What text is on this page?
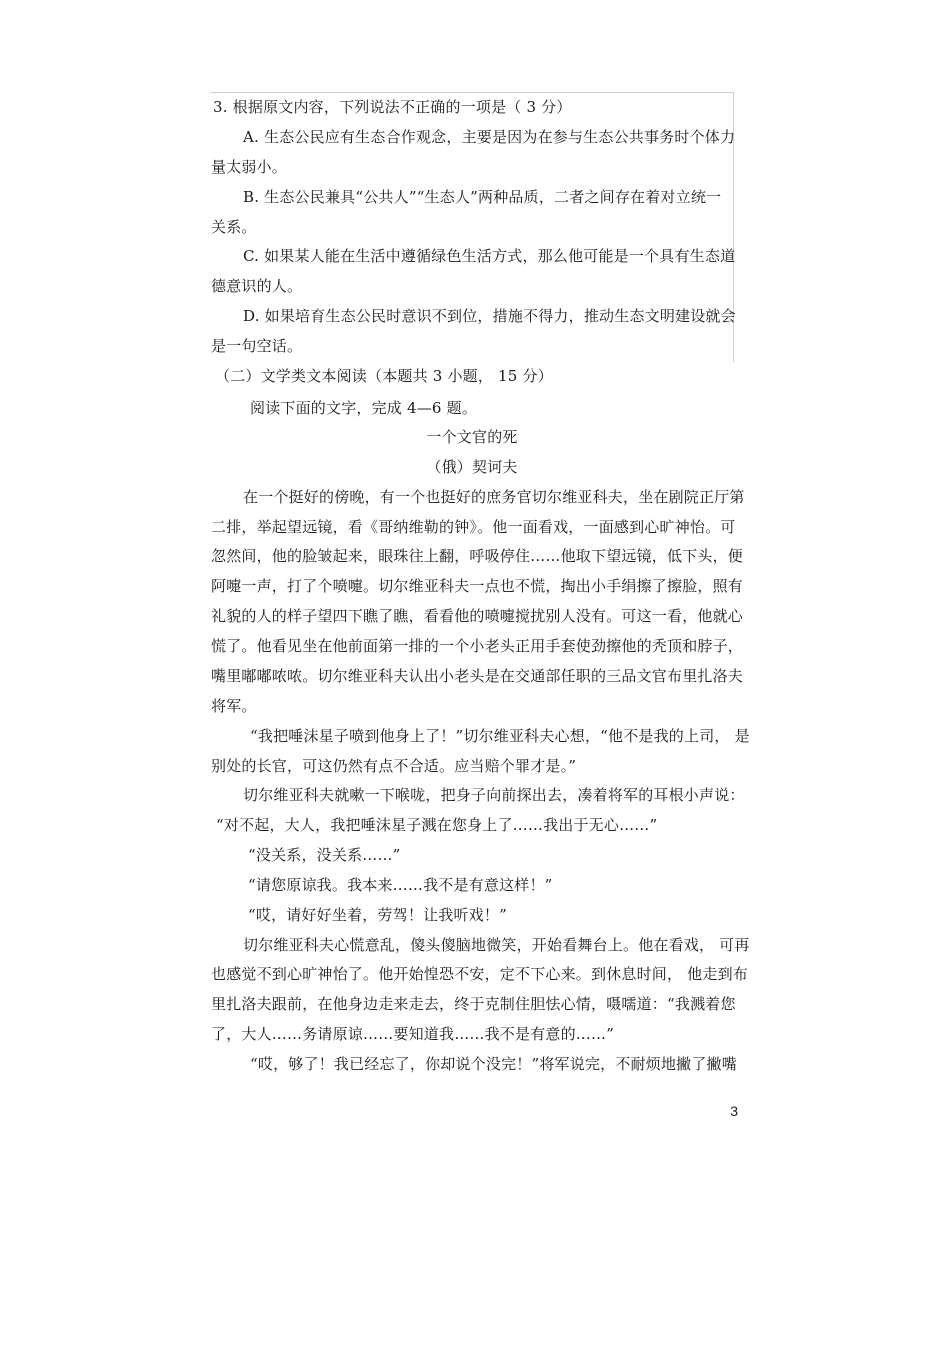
3. 根据原文内容，下列说法不正确的一项是（ 3 分）
A. 生态公民应有生态合作观念，主要是因为在参与生态公共事务时个体力
量太弱小。
B. 生态公民兼具“公共人”“生态人”两种品质，二者之间存在着对立统一
关系。
C. 如果某人能在生活中遵循绿色生活方式，那么他可能是一个具有生态道
德意识的人。
D. 如果培育生态公民时意识不到位，措施不得力，推动生态文明建设就会
是一句空话。
（二）文学类文本阅读（本题共 3 小题， 15 分）
阅读下面的文字，完成 4—6 题。
一个文官的死
（俄）契诃夫
在一个挺好的傍晚，有一个也挺好的庶务官切尔维亚科夫，坐在剧院正厅第
二排，举起望远镜，看《哥纳维勒的钟》。他一面看戏，一面感到心旷神怡。可
忽然间，他的脸皱起来，眼珠往上翻，呼吸停住……他取下望远镜，低下头，便
阿嚏一声，打了个喷嚏。切尔维亚科夫一点也不慌，掏出小手绢擦了擦脸，照有
礼貌的人的样子望四下瞧了瞧，看看他的喷嚏搅扰别人没有。可这一看，他就心
慌了。他看见坐在他前面第一排的一个小老头正用手套使劲擦他的秃顶和脖子，
嘴里嘟嘟哝哝。切尔维亚科夫认出小老头是在交通部任职的三品文官布里扎洛夫
将军。
“我把唾沫星子喷到他身上了！”切尔维亚科夫心想，“他不是我的上司， 是
别处的长官，可这仍然有点不合适。应当赔个罪才是。”
切尔维亚科夫就嗽一下喉咙，把身子向前探出去，凑着将军的耳根小声说：
“对不起，大人，我把唾沫星子溅在您身上了……我出于无心……”
“没关系，没关系……”
“请您原谅我。我本来……我不是有意这样！”
“哎，请好好坐着，劳驾！让我听戏！”
切尔维亚科夫心慌意乱，傻头傻脑地微笑，开始看舞台上。他在看戏， 可再
也感觉不到心旷神怡了。他开始惶恐不安，定不下心来。到休息时间， 他走到布
里扎洛夫跟前，在他身边走来走去，终于克制住胆怯心情，嗫嚅道：“我溅着您
了，大人……务请原谅……要知道我……我不是有意的……”
“哎，够了！我已经忘了，你却说个没完！”将军说完，不耐烦地撇了撇嘴
3
